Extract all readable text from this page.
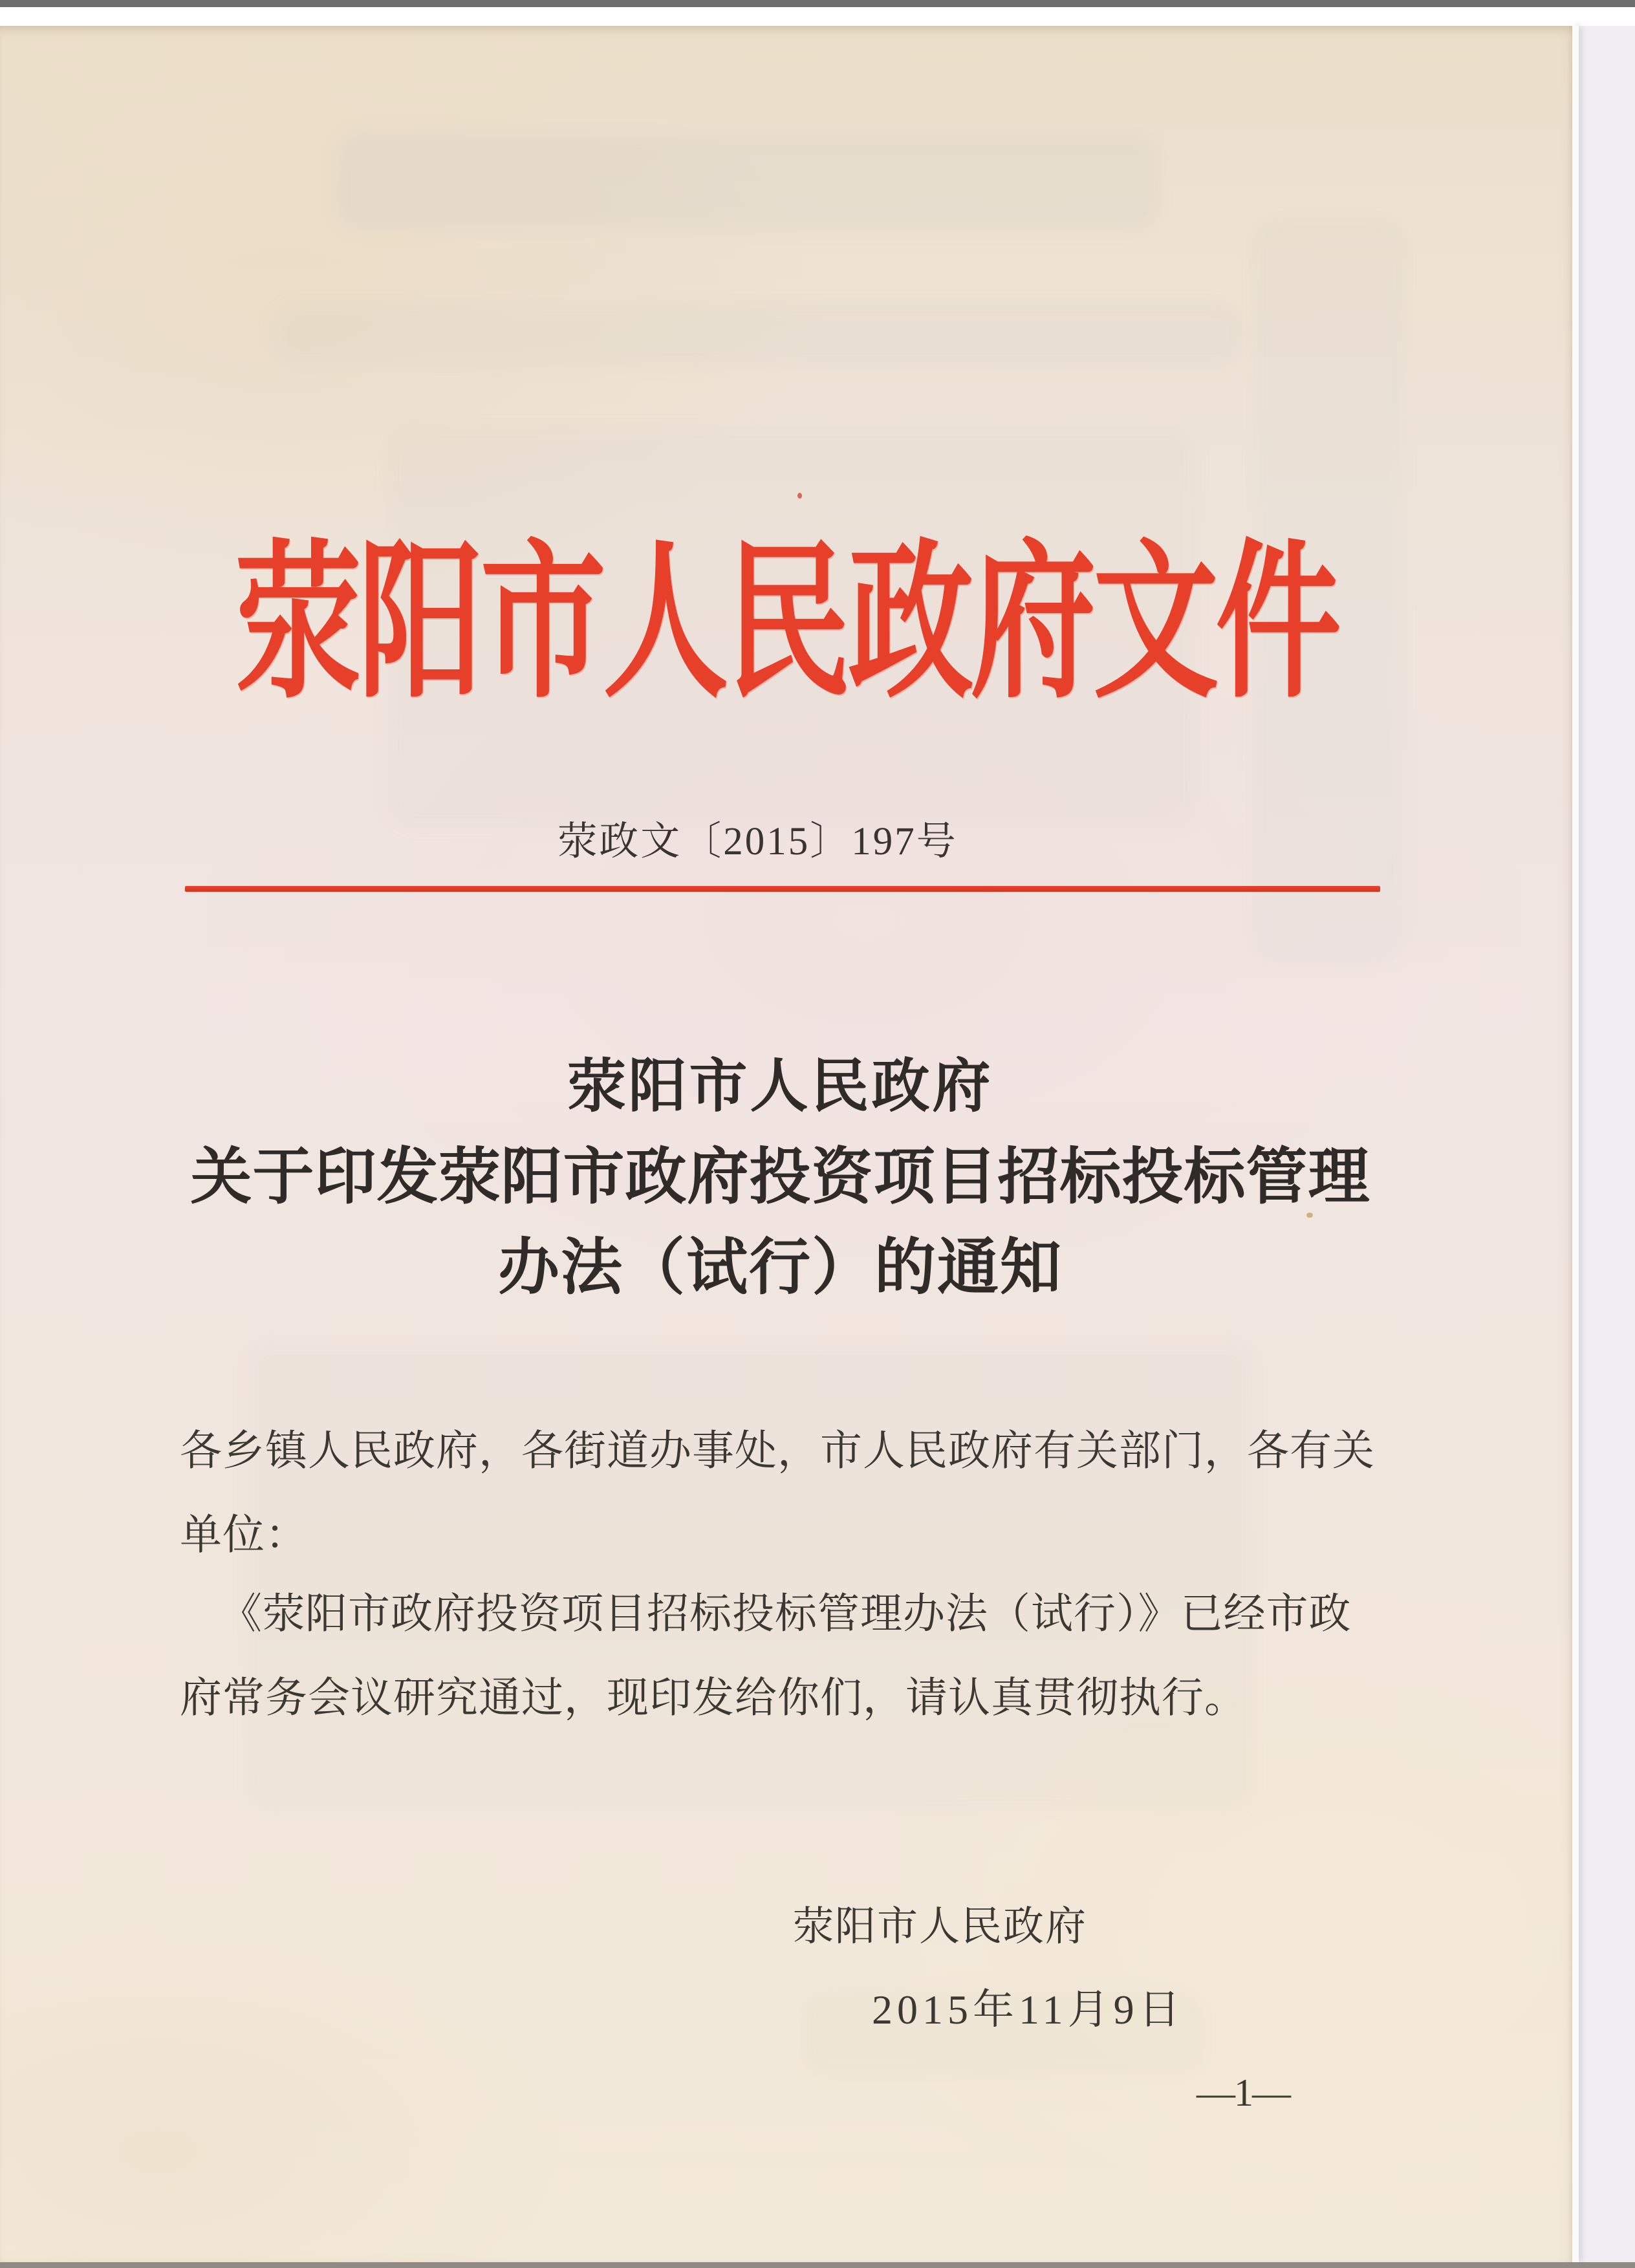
荥阳市人民政府文件
荥政文〔2015〕197号
荥阳市人民政府
关于印发荥阳市政府投资项目招标投标管理
办法（试行）的通知
各乡镇人民政府，各街道办事处，市人民政府有关部门，各有关
单位：
《荥阳市政府投资项目招标投标管理办法（试行）》已经市政
府常务会议研究通过，现印发给你们，请认真贯彻执行。
荥阳市人民政府
2015年11月9日
—1—
